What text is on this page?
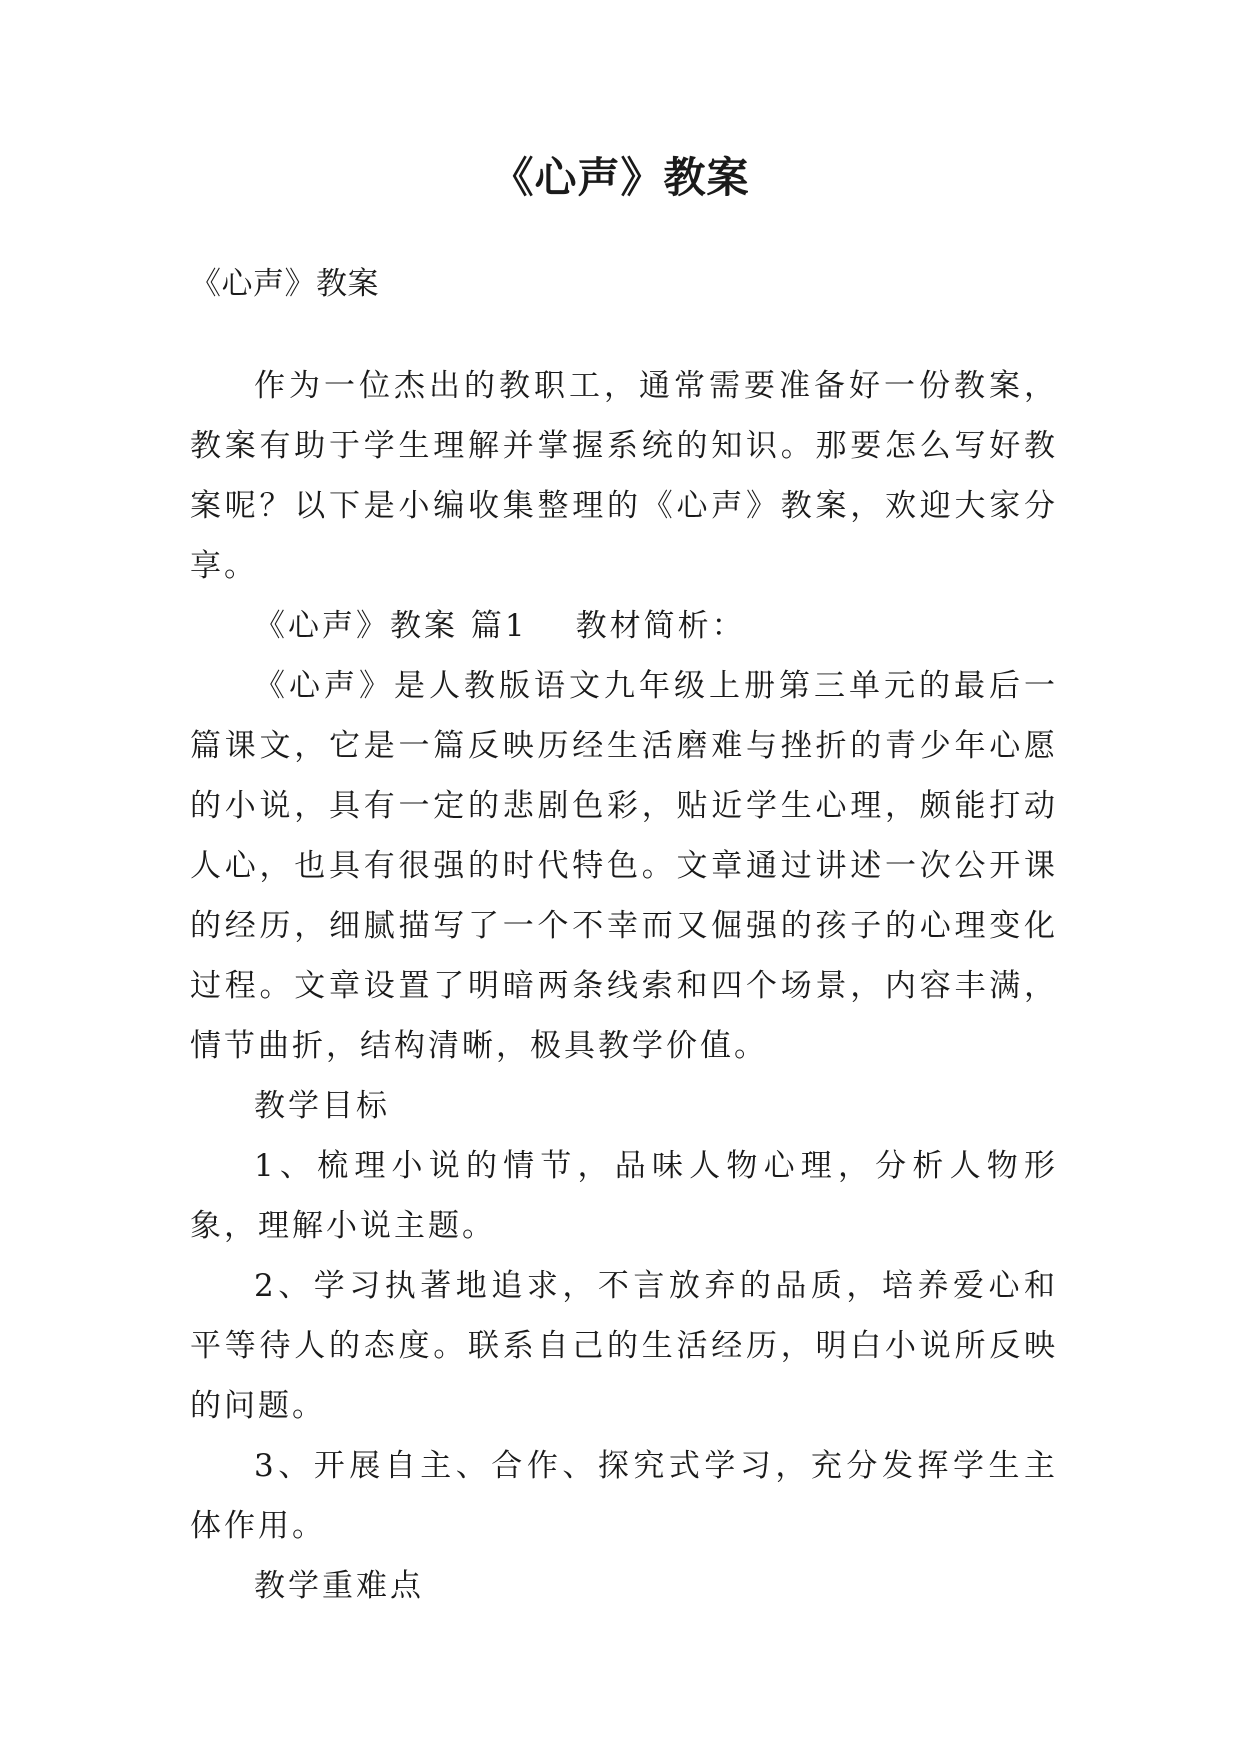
《心声》教案
《心声》教案

作为一位杰出的教职工，通常需要准备好一份教案，教案有助于学生理解并掌握系统的知识。那要怎么写好教案呢？以下是小编收集整理的《心声》教案，欢迎大家分享。

《心声》教案 篇1 教材简析：

《心声》是人教版语文九年级上册第三单元的最后一篇课文，它是一篇反映历经生活磨难与挫折的青少年心愿的小说，具有一定的悲剧色彩，贴近学生心理，颇能打动人心，也具有很强的时代特色。文章通过讲述一次公开课的经历，细腻描写了一个不幸而又倔强的孩子的心理变化过程。文章设置了明暗两条线索和四个场景，内容丰满，情节曲折，结构清晰，极具教学价值。

教学目标

1、梳理小说的情节，品味人物心理，分析人物形象，理解小说主题。

2、学习执著地追求，不言放弃的品质，培养爱心和平等待人的态度。联系自己的生活经历，明白小说所反映的问题。

3、开展自主、合作、探究式学习，充分发挥学生主体作用。

教学重难点
